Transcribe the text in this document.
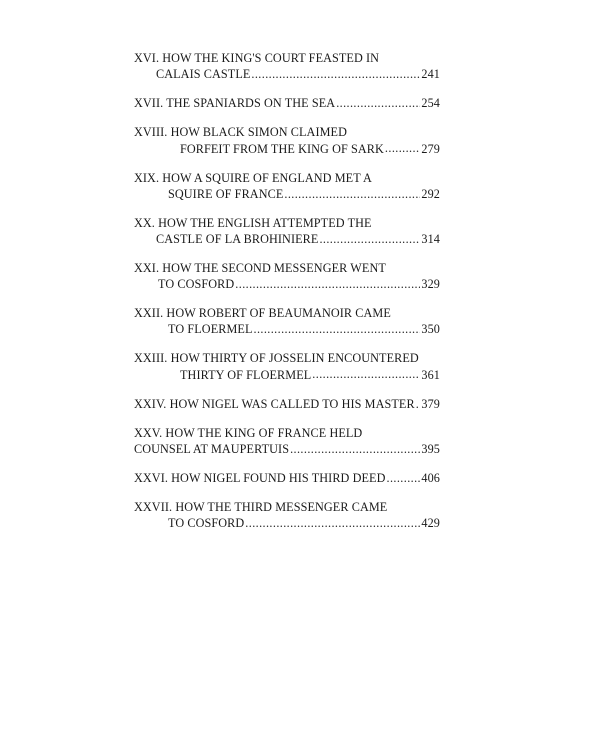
XVI. HOW THE KING'S COURT FEASTED IN
CALAIS CASTLE .....	241
XVII. THE SPANIARDS ON THE SEA .....	254
XVIII. HOW BLACK SIMON CLAIMED
FORFEIT FROM THE KING OF SARK .....	279
XIX. HOW A SQUIRE OF ENGLAND MET A
SQUIRE OF FRANCE .....	292
XX. HOW THE ENGLISH ATTEMPTED THE
CASTLE OF LA BROHINIERE .....	314
XXI. HOW THE SECOND MESSENGER WENT
TO COSFORD .....	329
XXII. HOW ROBERT OF BEAUMANOIR CAME
TO FLOERMEL .....	350
XXIII. HOW THIRTY OF JOSSELIN ENCOUNTERED
THIRTY OF FLOERMEL .....	361
XXIV. HOW NIGEL WAS CALLED TO HIS MASTER ..... 379
XXV. HOW THE KING OF FRANCE HELD
COUNSEL AT MAUPERTUIS .....	395
XXVI. HOW NIGEL FOUND HIS THIRD DEED .....	406
XXVII. HOW THE THIRD MESSENGER CAME
TO COSFORD .....	429
